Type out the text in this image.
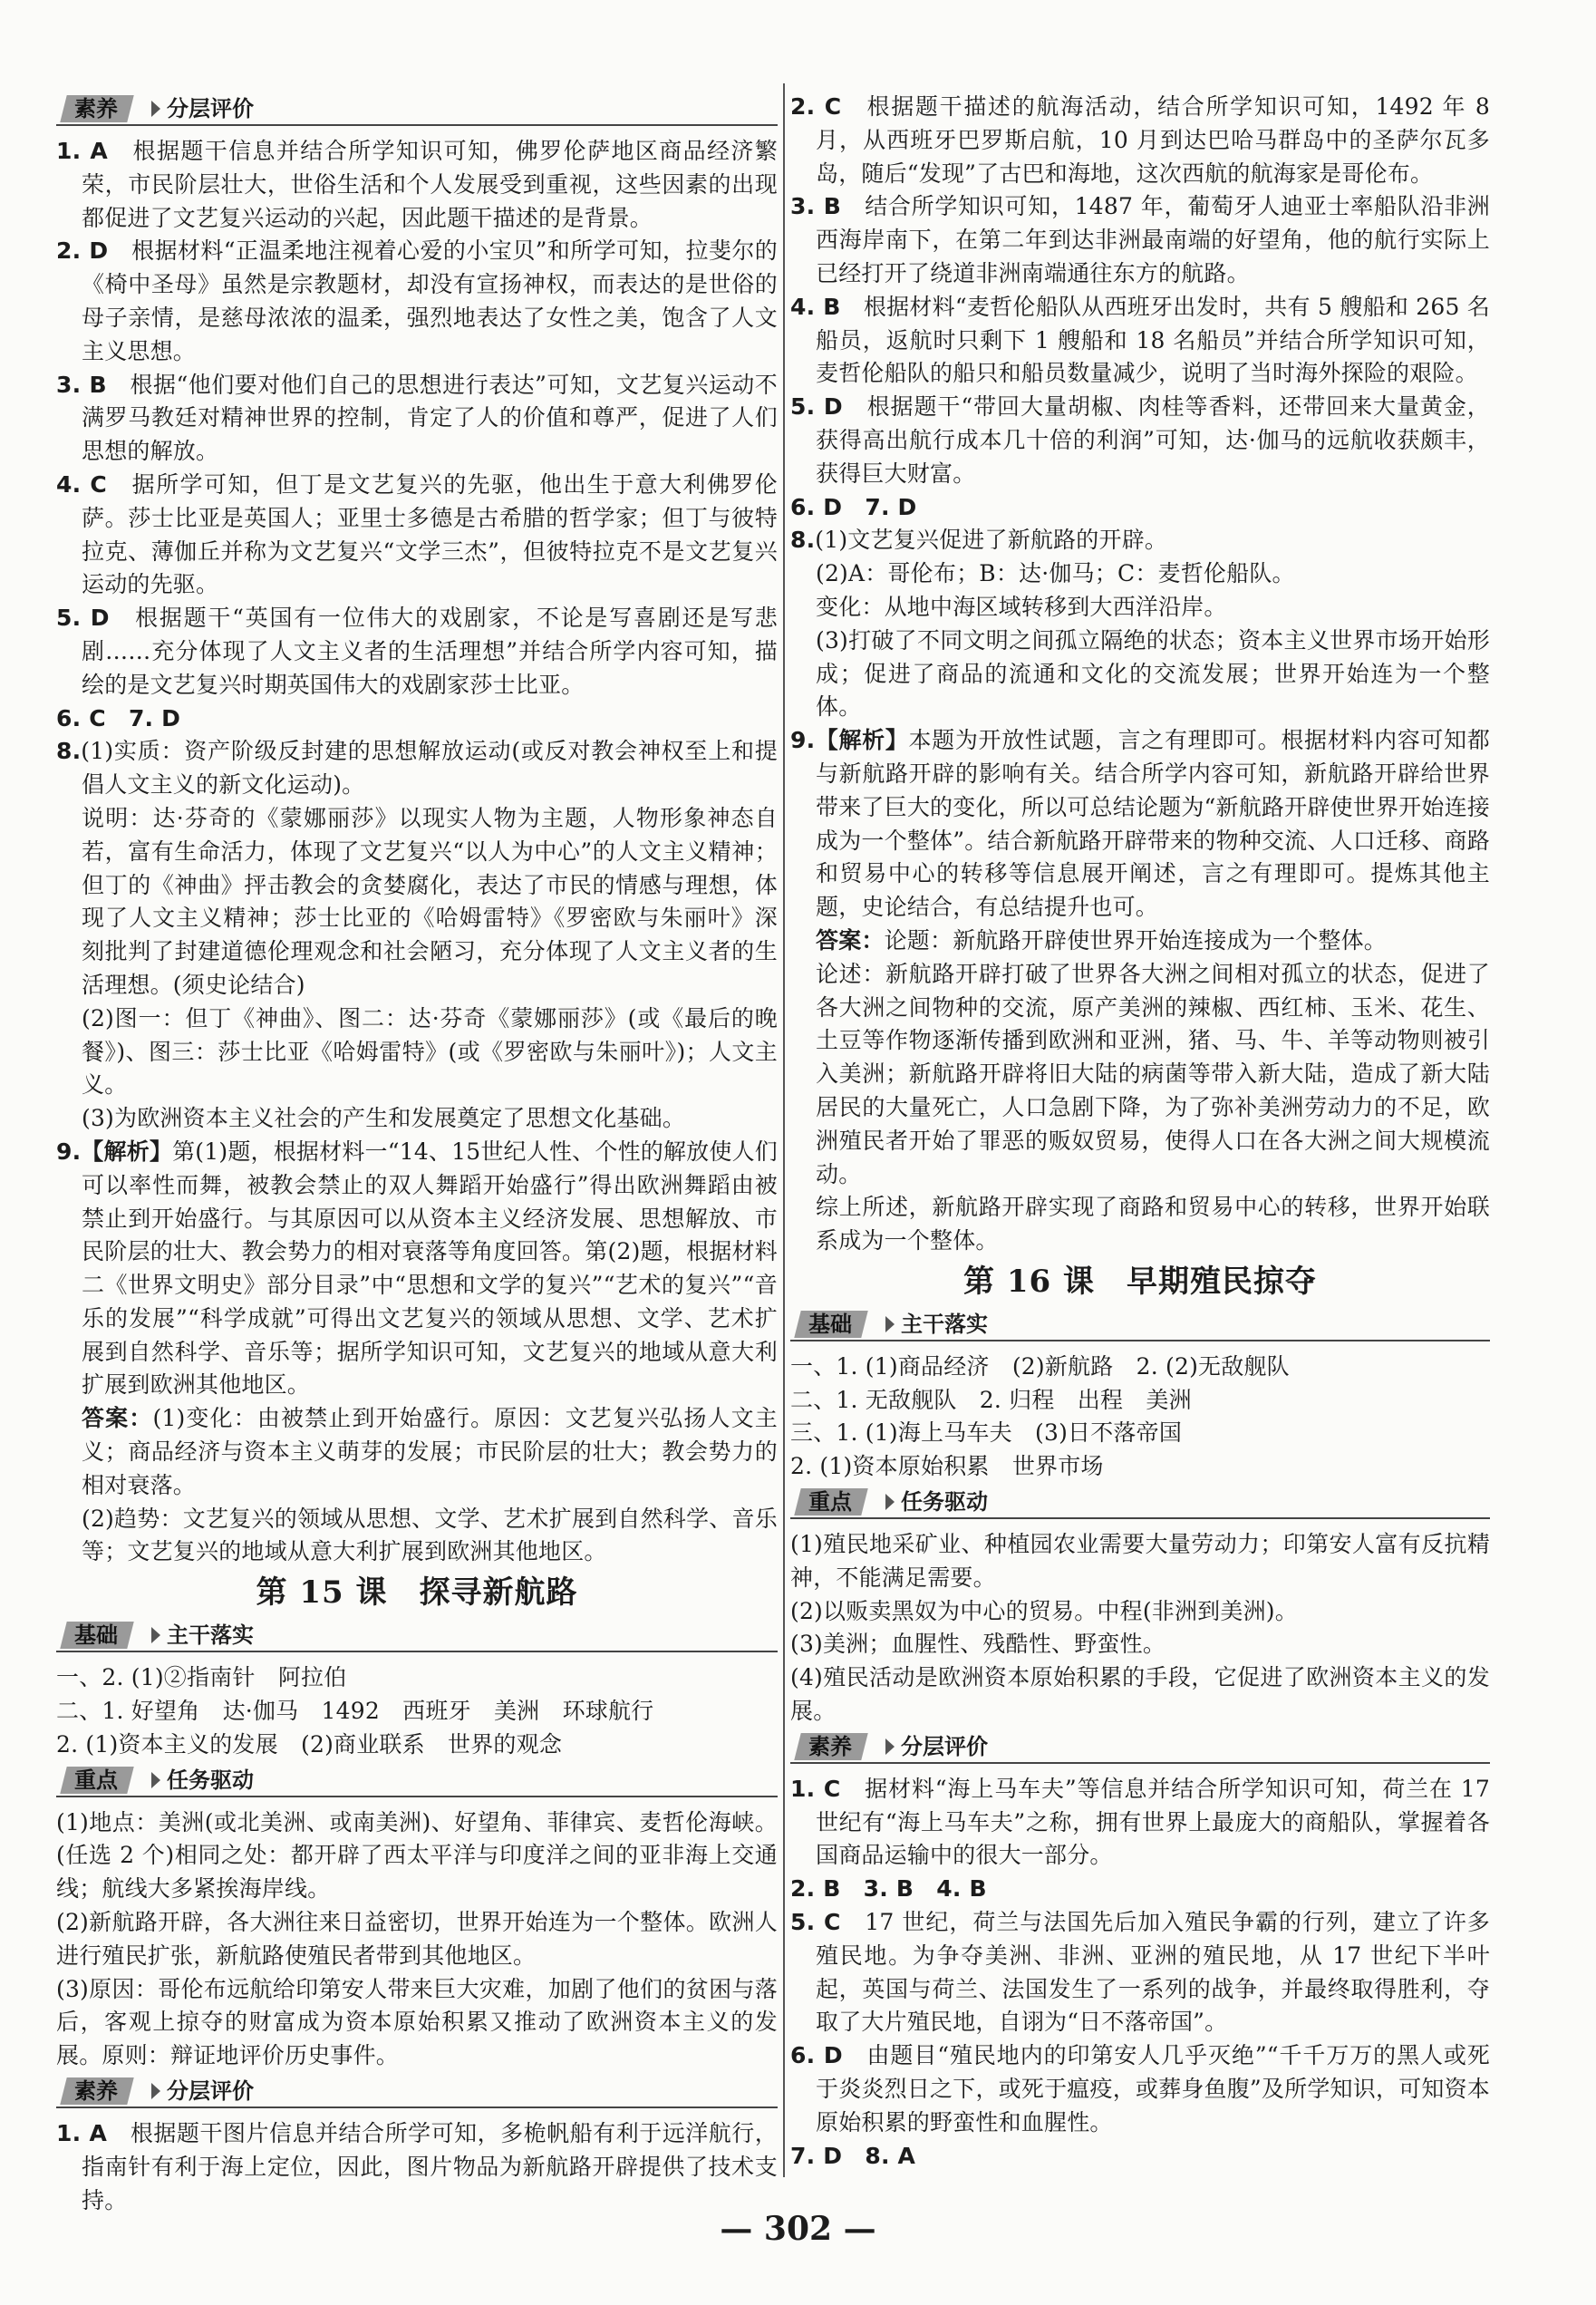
素养	分层评价

1. A　 根据题干信息并结合所学知识可知，佛罗伦萨地区商品经济繁荣，市民阶层壮大，世俗生活和个人发展受到重视，这些因素的出现都促进了文艺复兴运动的兴起，因此题干描述的是背景。

2. D　 根据材料“正温柔地注视着心爱的小宝贝”和所学可知，拉斐尔的《椅中圣母》虽然是宗教题材，却没有宣扬神权，而表达的是世俗的母子亲情，是慈母浓浓的温柔，强烈地表达了女性之美，饱含了人文主义思想。

3. B　 根据“他们要对他们自己的思想进行表达”可知，文艺复兴运动不满罗马教廷对精神世界的控制，肯定了人的价值和尊严，促进了人们思想的解放。

4. C　 据所学可知，但丁是文艺复兴的先驱，他出生于意大利佛罗伦萨。莎士比亚是英国人；亚里士多德是古希腊的哲学家；但丁与彼特拉克、薄伽丘并称为文艺复兴“文学三杰”，但彼特拉克不是文艺复兴运动的先驱。

5. D　 根据题干“英国有一位伟大的戏剧家，不论是写喜剧还是写悲剧……充分体现了人文主义者的生活理想”并结合所学内容可知，描绘的是文艺复兴时期英国伟大的戏剧家莎士比亚。

6. C　7. D

8.(1)实质：资产阶级反封建的思想解放运动(或反对教会神权至上和提倡人文主义的新文化运动)。

说明：达·芬奇的《蒙娜丽莎》以现实人物为主题，人物形象神态自若，富有生命活力，体现了文艺复兴“以人为中心”的人文主义精神；但丁的《神曲》抨击教会的贪婪腐化，表达了市民的情感与理想，体现了人文主义精神；莎士比亚的《哈姆雷特》《罗密欧与朱丽叶》深刻批判了封建道德伦理观念和社会陋习，充分体现了人文主义者的生活理想。(须史论结合)

(2)图一：但丁《神曲》、图二：达·芬奇《蒙娜丽莎》(或《最后的晚餐》)、图三：莎士比亚《哈姆雷特》(或《罗密欧与朱丽叶》)；人文主义。

(3)为欧洲资本主义社会的产生和发展奠定了思想文化基础。

9.【解析】第(1)题，根据材料一“14、15世纪人性、个性的解放使人们可以率性而舞，被教会禁止的双人舞蹈开始盛行”得出欧洲舞蹈由被禁止到开始盛行。与其原因可以从资本主义经济发展、思想解放、市民阶层的壮大、教会势力的相对衰落等角度回答。第(2)题，根据材料二《世界文明史》部分目录”中“思想和文学的复兴”“艺术的复兴”“音乐的发展”“科学成就”可得出文艺复兴的领域从思想、文学、艺术扩展到自然科学、音乐等；据所学知识可知，文艺复兴的地域从意大利扩展到欧洲其他地区。

答案：(1)变化：由被禁止到开始盛行。原因：文艺复兴弘扬人文主义；商品经济与资本主义萌芽的发展；市民阶层的壮大；教会势力的相对衰落。

(2)趋势：文艺复兴的领域从思想、文学、艺术扩展到自然科学、音乐等；文艺复兴的地域从意大利扩展到欧洲其他地区。

第 15 课　探寻新航路
基础	主干落实

一、2. (1)②指南针　阿拉伯

二、1. 好望角　达·伽马　1492　西班牙　美洲　环球航行

2. (1)资本主义的发展　(2)商业联系　世界的观念

重点	任务驱动

(1)地点：美洲(或北美洲、或南美洲)、好望角、菲律宾、麦哲伦海峡。(任选 2 个)相同之处：都开辟了西太平洋与印度洋之间的亚非海上交通线；航线大多紧挨海岸线。

(2)新航路开辟，各大洲往来日益密切，世界开始连为一个整体。欧洲人进行殖民扩张，新航路使殖民者带到其他地区。

(3)原因：哥伦布远航给印第安人带来巨大灾难，加剧了他们的贫困与落后，客观上掠夺的财富成为资本原始积累又推动了欧洲资本主义的发展。原则：辩证地评价历史事件。

素养	分层评价

1. A　 根据题干图片信息并结合所学可知，多桅帆船有利于远洋航行，指南针有利于海上定位，因此，图片物品为新航路开辟提供了技术支持。

2. C　 根据题干描述的航海活动，结合所学知识可知，1492 年 8 月，从西班牙巴罗斯启航，10 月到达巴哈马群岛中的圣萨尔瓦多岛，随后“发现”了古巴和海地，这次西航的航海家是哥伦布。

3. B　 结合所学知识可知，1487 年，葡萄牙人迪亚士率船队沿非洲西海岸南下，在第二年到达非洲最南端的好望角，他的航行实际上已经打开了绕道非洲南端通往东方的航路。

4. B　 根据材料“麦哲伦船队从西班牙出发时，共有 5 艘船和 265 名船员，返航时只剩下 1 艘船和 18 名船员”并结合所学知识可知，麦哲伦船队的船只和船员数量减少，说明了当时海外探险的艰险。

5. D　 根据题干“带回大量胡椒、肉桂等香料，还带回来大量黄金，获得高出航行成本几十倍的利润”可知，达·伽马的远航收获颇丰，获得巨大财富。

6. D　7. D

8.(1)文艺复兴促进了新航路的开辟。

(2)A：哥伦布；B：达·伽马；C：麦哲伦船队。

变化：从地中海区域转移到大西洋沿岸。

(3)打破了不同文明之间孤立隔绝的状态；资本主义世界市场开始形成；促进了商品的流通和文化的交流发展；世界开始连为一个整体。

9.【解析】本题为开放性试题，言之有理即可。根据材料内容可知都与新航路开辟的影响有关。结合所学内容可知，新航路开辟给世界带来了巨大的变化，所以可总结论题为“新航路开辟使世界开始连接成为一个整体”。结合新航路开辟带来的物种交流、人口迁移、商路和贸易中心的转移等信息展开阐述，言之有理即可。提炼其他主题，史论结合，有总结提升也可。

答案：论题：新航路开辟使世界开始连接成为一个整体。

论述：新航路开辟打破了世界各大洲之间相对孤立的状态，促进了各大洲之间物种的交流，原产美洲的辣椒、西红柿、玉米、花生、土豆等作物逐渐传播到欧洲和亚洲，猪、马、牛、羊等动物则被引入美洲；新航路开辟将旧大陆的病菌等带入新大陆，造成了新大陆居民的大量死亡，人口急剧下降，为了弥补美洲劳动力的不足，欧洲殖民者开始了罪恶的贩奴贸易，使得人口在各大洲之间大规模流动。

综上所述，新航路开辟实现了商路和贸易中心的转移，世界开始联系成为一个整体。

第 16 课　早期殖民掠夺
基础	主干落实

一、1. (1)商品经济　(2)新航路　2. (2)无敌舰队

二、1. 无敌舰队　2. 归程　出程　美洲

三、1. (1)海上马车夫　(3)日不落帝国

2. (1)资本原始积累　世界市场

重点	任务驱动

(1)殖民地采矿业、种植园农业需要大量劳动力；印第安人富有反抗精神，不能满足需要。

(2)以贩卖黑奴为中心的贸易。中程(非洲到美洲)。

(3)美洲；血腥性、残酷性、野蛮性。

(4)殖民活动是欧洲资本原始积累的手段，它促进了欧洲资本主义的发展。

素养	分层评价

1. C　 据材料“海上马车夫”等信息并结合所学知识可知，荷兰在 17 世纪有“海上马车夫”之称，拥有世界上最庞大的商船队，掌握着各国商品运输中的很大一部分。

2. B　3. B　4. B

5. C　 17 世纪，荷兰与法国先后加入殖民争霸的行列，建立了许多殖民地。为争夺美洲、非洲、亚洲的殖民地，从 17 世纪下半叶起，英国与荷兰、法国发生了一系列的战争，并最终取得胜利，夺取了大片殖民地，自诩为“日不落帝国”。

6. D　 由题目“殖民地内的印第安人几乎灭绝”“千千万万的黑人或死于炎炎烈日之下，或死于瘟疫，或葬身鱼腹”及所学知识，可知资本原始积累的野蛮性和血腥性。

7. D　8. A

— 302 —
